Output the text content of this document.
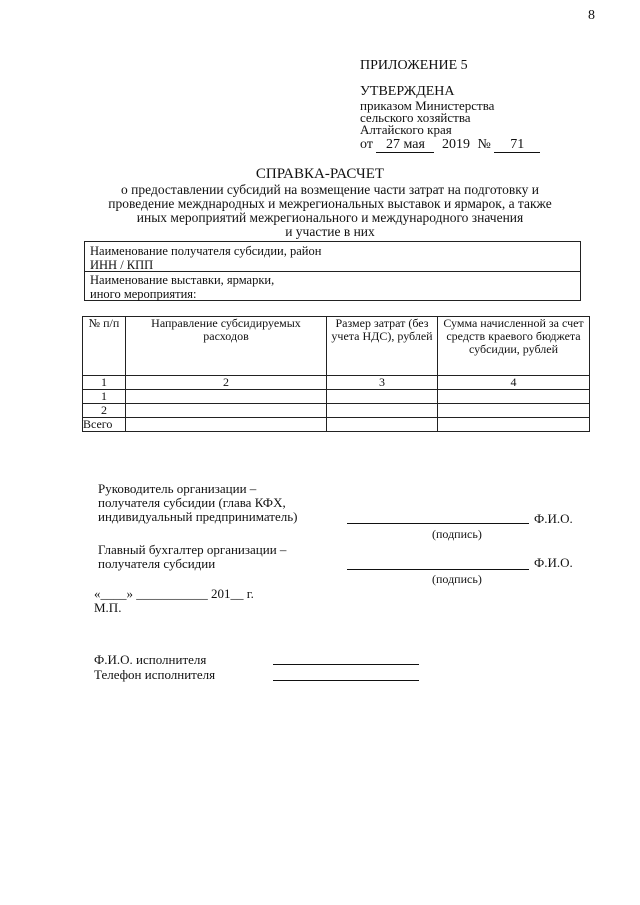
8
ПРИЛОЖЕНИЕ 5
УТВЕРЖДЕНА
приказом Министерства
сельского хозяйства
Алтайского края
от 27 мая 2019 № 71
СПРАВКА-РАСЧЕТ
о предоставлении субсидий на возмещение части затрат на подготовку и
проведение межднародных и межрегиональных выставок и ярмарок, а также
иных мероприятий межрегионального и международного значения
и участие в них
Наименование получателя субсидии, район
ИНН / КПП
Наименование выставки, ярмарки,
иного мероприятия:
№ п/п	Направление субсидируемых расходов	Размер затрат (без учета НДС), рублей	Сумма начисленной за счет средств краевого бюджета субсидии, рублей
1	2	3	4
1			
2			
Всего			
Руководитель организации –
получателя субсидии (глава КФХ,
индивидуальный предприниматель)	Ф.И.О.
(подпись)
Главный бухгалтер организации –
получателя субсидии	Ф.И.О.
(подпись)
«____» ___________ 201__ г.
М.П.
Ф.И.О. исполнителя
Телефон исполнителя
